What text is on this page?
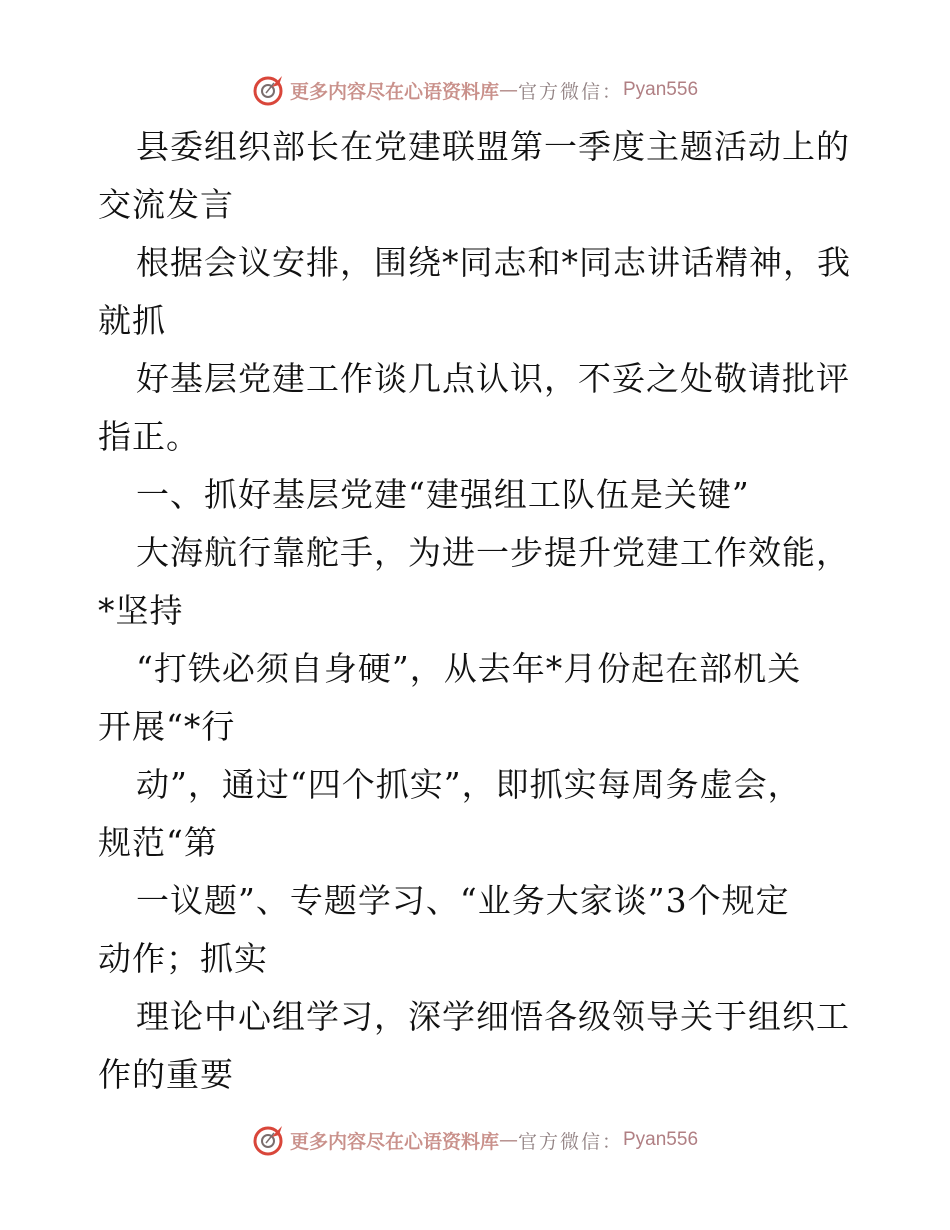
更多内容尽在心语资料库 — 官方微信： Pyan556
县委组织部长在党建联盟第一季度主题活动上的
交流发言
根据会议安排，围绕*同志和*同志讲话精神，我
就抓
好基层党建工作谈几点认识，不妥之处敬请批评
指正。
一、抓好基层党建“建强组工队伍是关键”
大海航行靠舵手，为进一步提升党建工作效能，
*坚持
“打铁必须自身硬”，从去年*月份起在部机关
开展“*行
动”，通过“四个抓实”，即抓实每周务虚会，
规范“第
一议题”、专题学习、“业务大家谈”3个规定
动作；抓实
理论中心组学习，深学细悟各级领导关于组织工
作的重要
更多内容尽在心语资料库 — 官方微信： Pyan556
